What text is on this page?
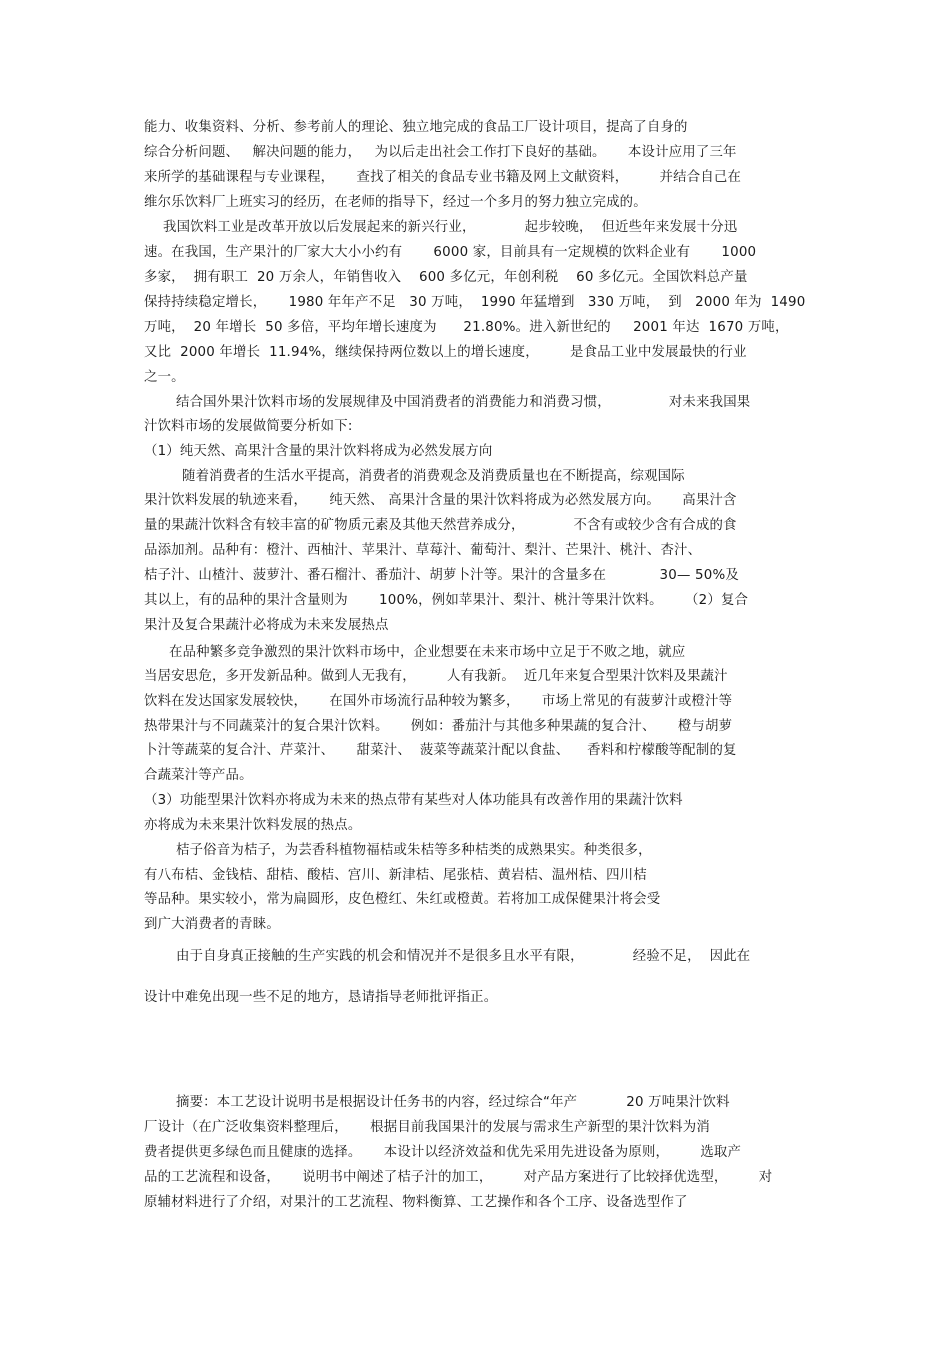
能力、收集资料、分析、参考前人的理论、独立地完成的食品工厂设计项目，提高了自身的
综合分析问题、   解决问题的能力，   为以后走出社会工作打下良好的基础。     本设计应用了三年
来所学的基础课程与专业课程，     查找了相关的食品专业书籍及网上文献资料，       并结合自己在
维尔乐饮料厂上班实习的经历，在老师的指导下，经过一个多月的努力独立完成的。
我国饮料工业是改革开放以后发展起来的新兴行业，           起步较晚，  但近些年来发展十分迅
速。在我国，生产果汁的厂家大大小小约有       6000 家，目前具有一定规模的饮料企业有       1000
多家，  拥有职工  20 万余人，年销售收入    600 多亿元，年创利税    60 多亿元。全国饮料总产量
保持持续稳定增长，     1980 年年产不足   30 万吨，  1990 年猛增到   330 万吨，  到   2000 年为  1490
万吨，  20 年增长  50 多倍，平均年增长速度为      21.80%。进入新世纪的     2001 年达  1670 万吨，
又比  2000 年增长  11.94%，继续保持两位数以上的增长速度，       是食品工业中发展最快的行业
之一。
结合国外果汁饮料市场的发展规律及中国消费者的消费能力和消费习惯，             对未来我国果
汁饮料市场的发展做简要分析如下:
（1）纯天然、高果汁含量的果汁饮料将成为必然发展方向
随着消费者的生活水平提高，消费者的消费观念及消费质量也在不断提高，综观国际
果汁饮料发展的轨迹来看，     纯天然、 高果汁含量的果汁饮料将成为必然发展方向。     高果汁含
量的果蔬汁饮料含有较丰富的矿物质元素及其他天然营养成分，           不含有或较少含有合成的食
品添加剂。品种有：橙汁、西柚汁、苹果汁、草莓汁、葡萄汁、梨汁、芒果汁、桃汁、杏汁、
桔子汁、山楂汁、菠萝汁、番石榴汁、番茄汁、胡萝卜汁等。果汁的含量多在            30— 50%及
其以上，有的品种的果汁含量则为       100%，例如苹果汁、梨汁、桃汁等果汁饮料。     （2）复合
果汁及复合果蔬汁必将成为未来发展热点
在品种繁多竞争激烈的果汁饮料市场中，企业想要在未来市场中立足于不败之地，就应
当居安思危，多开发新品种。做到人无我有，       人有我新。  近几年来复合型果汁饮料及果蔬汁
饮料在发达国家发展较快，     在国外市场流行品种较为繁多，     市场上常见的有菠萝汁或橙汁等
热带果汁与不同蔬菜汁的复合果汁饮料。     例如：番茄汁与其他多种果蔬的复合汁、     橙与胡萝
卜汁等蔬菜的复合汁、芹菜汁、     甜菜汁、  菠菜等蔬菜汁配以食盐、    香料和柠檬酸等配制的复
合蔬菜汁等产品。
（3）功能型果汁饮料亦将成为未来的热点带有某些对人体功能具有改善作用的果蔬汁饮料
亦将成为未来果汁饮料发展的热点。
桔子俗音为桔子，为芸香科植物福桔或朱桔等多种桔类的成熟果实。种类很多，
有八布桔、金钱桔、甜桔、酸桔、宫川、新津桔、尾张桔、黄岩桔、温州桔、四川桔
等品种。果实较小，常为扁圆形，皮色橙红、朱红或橙黄。若将加工成保健果汁将会受
到广大消费者的青睐。
由于自身真正接触的生产实践的机会和情况并不是很多且水平有限，           经验不足，  因此在
设计中难免出现一些不足的地方，恳请指导老师批评指正。
摘要：本工艺设计说明书是根据设计任务书的内容，经过综合“年产           20 万吨果汁饮料
厂设计（在广泛收集资料整理后，     根据目前我国果汁的发展与需求生产新型的果汁饮料为消
费者提供更多绿色而且健康的选择。     本设计以经济效益和优先采用先进设备为原则，       选取产
品的工艺流程和设备，     说明书中阐述了桔子汁的加工，       对产品方案进行了比较择优选型，       对
原辅材料进行了介绍，对果汁的工艺流程、物料衡算、工艺操作和各个工序、设备选型作了
